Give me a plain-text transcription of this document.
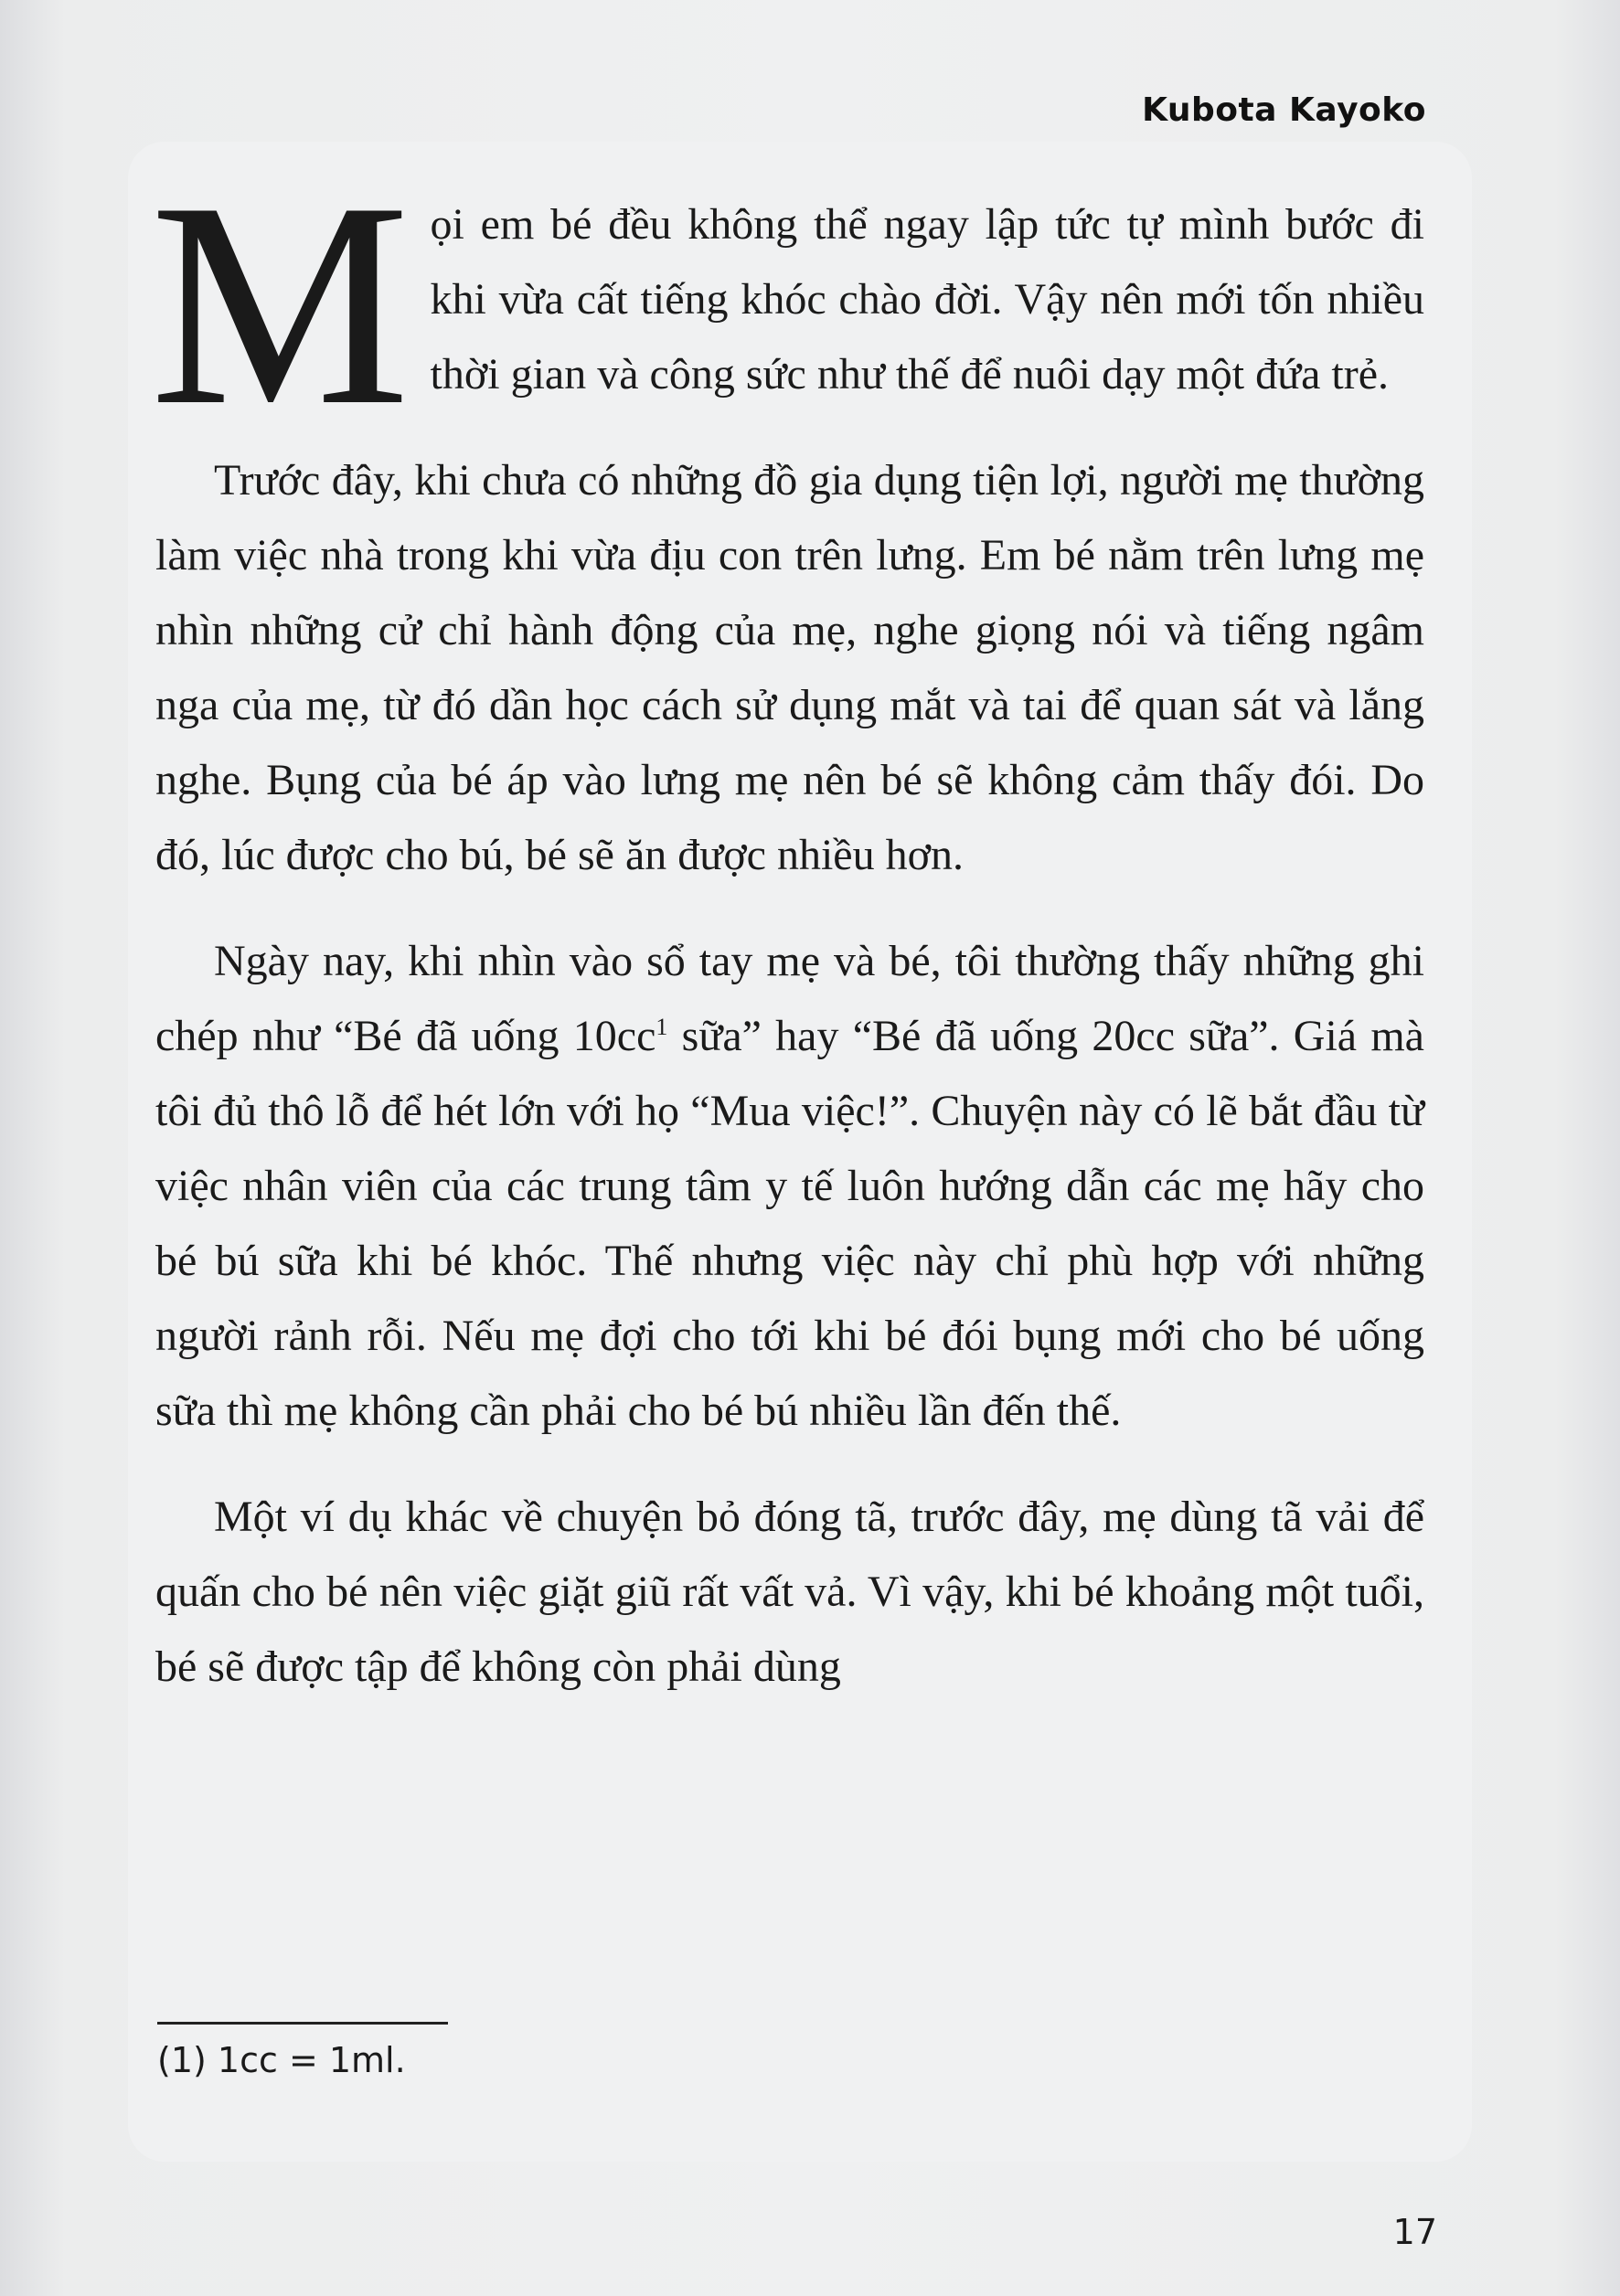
Kubota Kayoko

Mọi em bé đều không thể ngay lập tức tự mình bước đi khi vừa cất tiếng khóc chào đời. Vậy nên mới tốn nhiều thời gian và công sức như thế để nuôi dạy một đứa trẻ.

Trước đây, khi chưa có những đồ gia dụng tiện lợi, người mẹ thường làm việc nhà trong khi vừa địu con trên lưng. Em bé nằm trên lưng mẹ nhìn những cử chỉ hành động của mẹ, nghe giọng nói và tiếng ngâm nga của mẹ, từ đó dần học cách sử dụng mắt và tai để quan sát và lắng nghe. Bụng của bé áp vào lưng mẹ nên bé sẽ không cảm thấy đói. Do đó, lúc được cho bú, bé sẽ ăn được nhiều hơn.

Ngày nay, khi nhìn vào sổ tay mẹ và bé, tôi thường thấy những ghi chép như “Bé đã uống 10cc$^1$ sữa” hay “Bé đã uống 20cc sữa”. Giá mà tôi đủ thô lỗ để hét lớn với họ “Mua việc!”. Chuyện này có lẽ bắt đầu từ việc nhân viên của các trung tâm y tế luôn hướng dẫn các mẹ hãy cho bé bú sữa khi bé khóc. Thế nhưng việc này chỉ phù hợp với những người rảnh rỗi. Nếu mẹ đợi cho tới khi bé đói bụng mới cho bé uống sữa thì mẹ không cần phải cho bé bú nhiều lần đến thế.

Một ví dụ khác về chuyện bỏ đóng tã, trước đây, mẹ dùng tã vải để quấn cho bé nên việc giặt giũ rất vất vả. Vì vậy, khi bé khoảng một tuổi, bé sẽ được tập để không còn phải dùng

(1) 1cc = 1ml.
17
